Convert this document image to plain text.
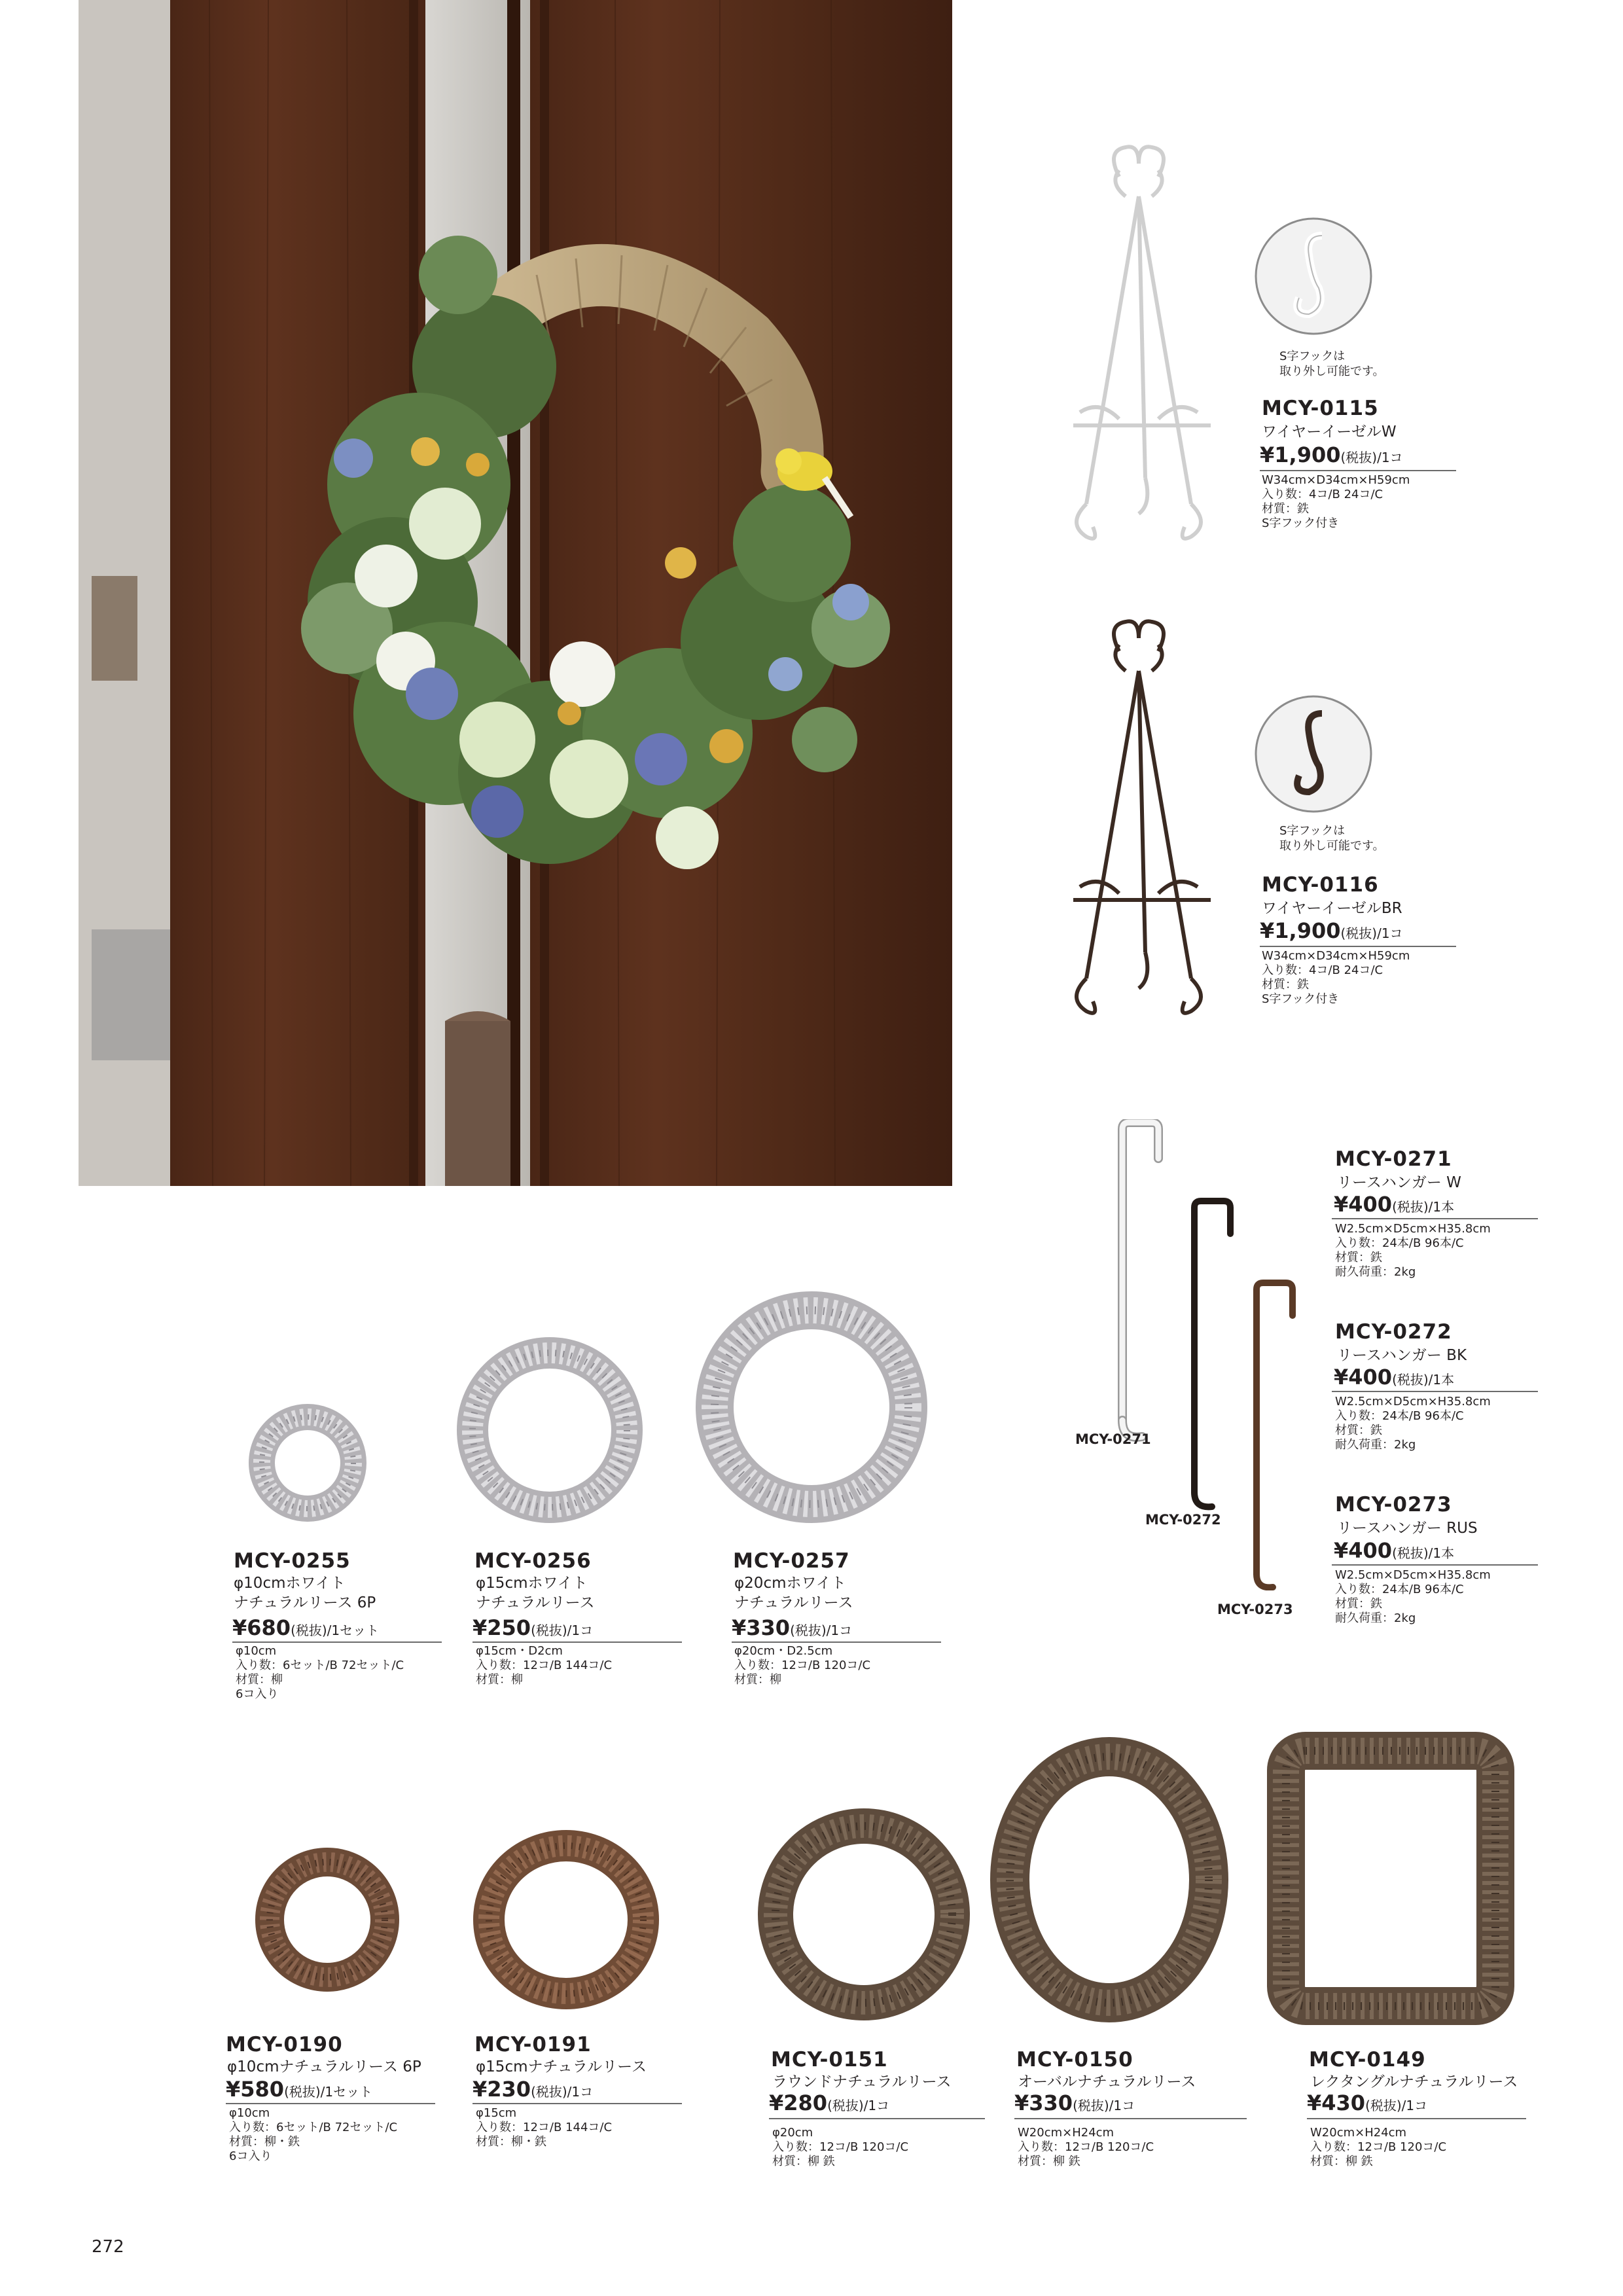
S字フックは
取り外し可能です。
MCY-0115
ワイヤーイーゼルW
¥1,900(税抜)/1コ
W34cm×D34cm×H59cm
入り数：4コ/B 24コ/C
材質：鉄
S字フック付き
S字フックは
取り外し可能です。
MCY-0116
ワイヤーイーゼルBR
¥1,900(税抜)/1コ
W34cm×D34cm×H59cm
入り数：4コ/B 24コ/C
材質：鉄
S字フック付き
MCY-0271
MCY-0272
MCY-0273
MCY-0271
リースハンガー W
¥400(税抜)/1本
W2.5cm×D5cm×H35.8cm
入り数：24本/B 96本/C
材質：鉄
耐久荷重：2kg
MCY-0272
リースハンガー BK
¥400(税抜)/1本
W2.5cm×D5cm×H35.8cm
入り数：24本/B 96本/C
材質：鉄
耐久荷重：2kg
MCY-0273
リースハンガー RUS
¥400(税抜)/1本
W2.5cm×D5cm×H35.8cm
入り数：24本/B 96本/C
材質：鉄
耐久荷重：2kg
MCY-0255
φ10cmホワイト
ナチュラルリース 6P
¥680(税抜)/1セット
φ10cm
入り数：6セット/B 72セット/C
材質：柳
6コ入り
MCY-0256
φ15cmホワイト
ナチュラルリース
¥250(税抜)/1コ
φ15cm・D2cm
入り数：12コ/B 144コ/C
材質：柳
MCY-0257
φ20cmホワイト
ナチュラルリース
¥330(税抜)/1コ
φ20cm・D2.5cm
入り数：12コ/B 120コ/C
材質：柳
MCY-0190
φ10cmナチュラルリース 6P
¥580(税抜)/1セット
φ10cm
入り数：6セット/B 72セット/C
材質：柳・鉄
6コ入り
MCY-0191
φ15cmナチュラルリース
¥230(税抜)/1コ
φ15cm
入り数：12コ/B 144コ/C
材質：柳・鉄
MCY-0151
ラウンドナチュラルリース
¥280(税抜)/1コ
φ20cm
入り数：12コ/B 120コ/C
材質：柳 鉄
MCY-0150
オーバルナチュラルリース
¥330(税抜)/1コ
W20cm×H24cm
入り数：12コ/B 120コ/C
材質：柳 鉄
MCY-0149
レクタングルナチュラルリース
¥430(税抜)/1コ
W20cm×H24cm
入り数：12コ/B 120コ/C
材質：柳 鉄
272
